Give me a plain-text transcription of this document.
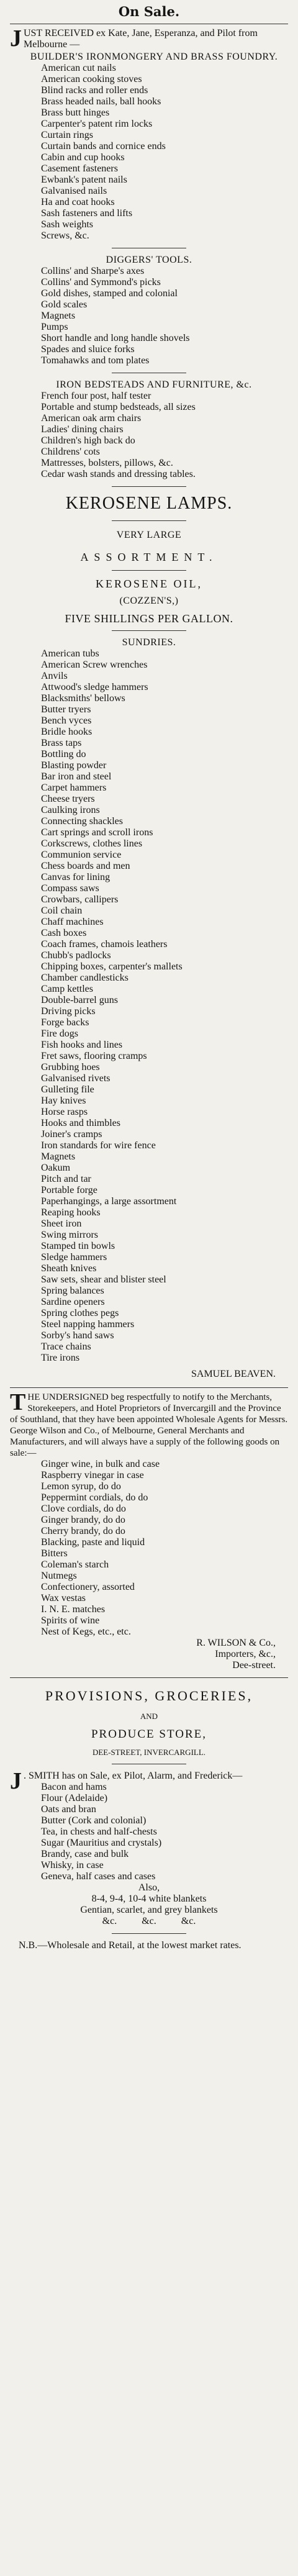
On Sale.

JUST RECEIVED ex Kate, Jane, Esperanza, and Pilot from Melbourne —

BUILDER'S IRONMONGERY AND BRASS FOUNDRY.
American cut nails
American cooking stoves
Blind racks and roller ends
Brass headed nails, ball hooks
Brass butt hinges
Carpenter's patent rim locks
Curtain rings
Curtain bands and cornice ends
Cabin and cup hooks
Casement fasteners
Ewbank's patent nails
Galvanised nails
Ha and coat hooks
Sash fasteners and lifts
Sash weights
Screws, &c.
DIGGERS' TOOLS.
Collins' and Sharpe's axes
Collins' and Symmond's picks
Gold dishes, stamped and colonial
Gold scales
Magnets
Pumps
Short handle and long handle shovels
Spades and sluice forks
Tomahawks and tom plates
IRON BEDSTEADS AND FURNITURE, &c.
French four post, half tester
Portable and stump bedsteads, all sizes
American oak arm chairs
Ladies' dining chairs
Children's high back do
Childrens' cots
Mattresses, bolsters, pillows, &c.
Cedar wash stands and dressing tables.
KEROSENE LAMPS.
VERY LARGE
ASSORTMENT.
KEROSENE OIL,
(COZZEN'S,)
FIVE SHILLINGS PER GALLON.
SUNDRIES.
American tubs
American Screw wrenches
Anvils
Attwood's sledge hammers
Blacksmiths' bellows
Butter tryers
Bench vyces
Bridle hooks
Brass taps
Bottling do
Blasting powder
Bar iron and steel
Carpet hammers
Cheese tryers
Caulking irons
Connecting shackles
Cart springs and scroll irons
Corkscrews, clothes lines
Communion service
Chess boards and men
Canvas for lining
Compass saws
Crowbars, callipers
Coil chain
Chaff machines
Cash boxes
Coach frames, chamois leathers
Chubb's padlocks
Chipping boxes, carpenter's mallets
Chamber candlesticks
Camp kettles
Double-barrel guns
Driving picks
Forge backs
Fire dogs
Fish hooks and lines
Fret saws, flooring cramps
Grubbing hoes
Galvanised rivets
Gulleting file
Hay knives
Horse rasps
Hooks and thimbles
Joiner's cramps
Iron standards for wire fence
Magnets
Oakum
Pitch and tar
Portable forge
Paperhangings, a large assortment
Reaping hooks
Sheet iron
Swing mirrors
Stamped tin bowls
Sledge hammers
Sheath knives
Saw sets, shear and blister steel
Spring balances
Sardine openers
Spring clothes pegs
Steel napping hammers
Sorby's hand saws
Trace chains
Tire irons
SAMUEL BEAVEN.

THE UNDERSIGNED beg respectfully to notify to the Merchants, Storekeepers, and Hotel Proprietors of Invercargill and the Province of Southland, that they have been appointed Wholesale Agents for Messrs. George Wilson and Co., of Melbourne, General Merchants and Manufacturers, and will always have a supply of the following goods on sale:—

Ginger wine, in bulk and case
Raspberry vinegar in case
Lemon syrup, do do
Peppermint cordials, do do
Clove cordials, do do
Ginger brandy, do do
Cherry brandy, do do
Blacking, paste and liquid
Bitters
Coleman's starch
Nutmegs
Confectionery, assorted
Wax vestas
I. N. E. matches
Spirits of wine
Nest of Kegs, etc., etc.
R. WILSON & Co.,
Importers, &c.,
Dee-street.
PROVISIONS, GROCERIES,
AND
PRODUCE STORE,
DEE-STREET, INVERCARGILL.

J . SMITH has on Sale, ex Pilot, Alarm, and Frederick—

Bacon and hams
Flour (Adelaide)
Oats and bran
Butter (Cork and colonial)
Tea, in chests and half-chests
Sugar (Mauritius and crystals)
Brandy, case and bulk
Whisky, in case
Geneva, half cases and cases
Also,
8-4, 9-4, 10-4 white blankets
Gentian, scarlet, and grey blankets
&c.          &c.          &c.

N.B.—Wholesale and Retail, at the lowest market rates.
